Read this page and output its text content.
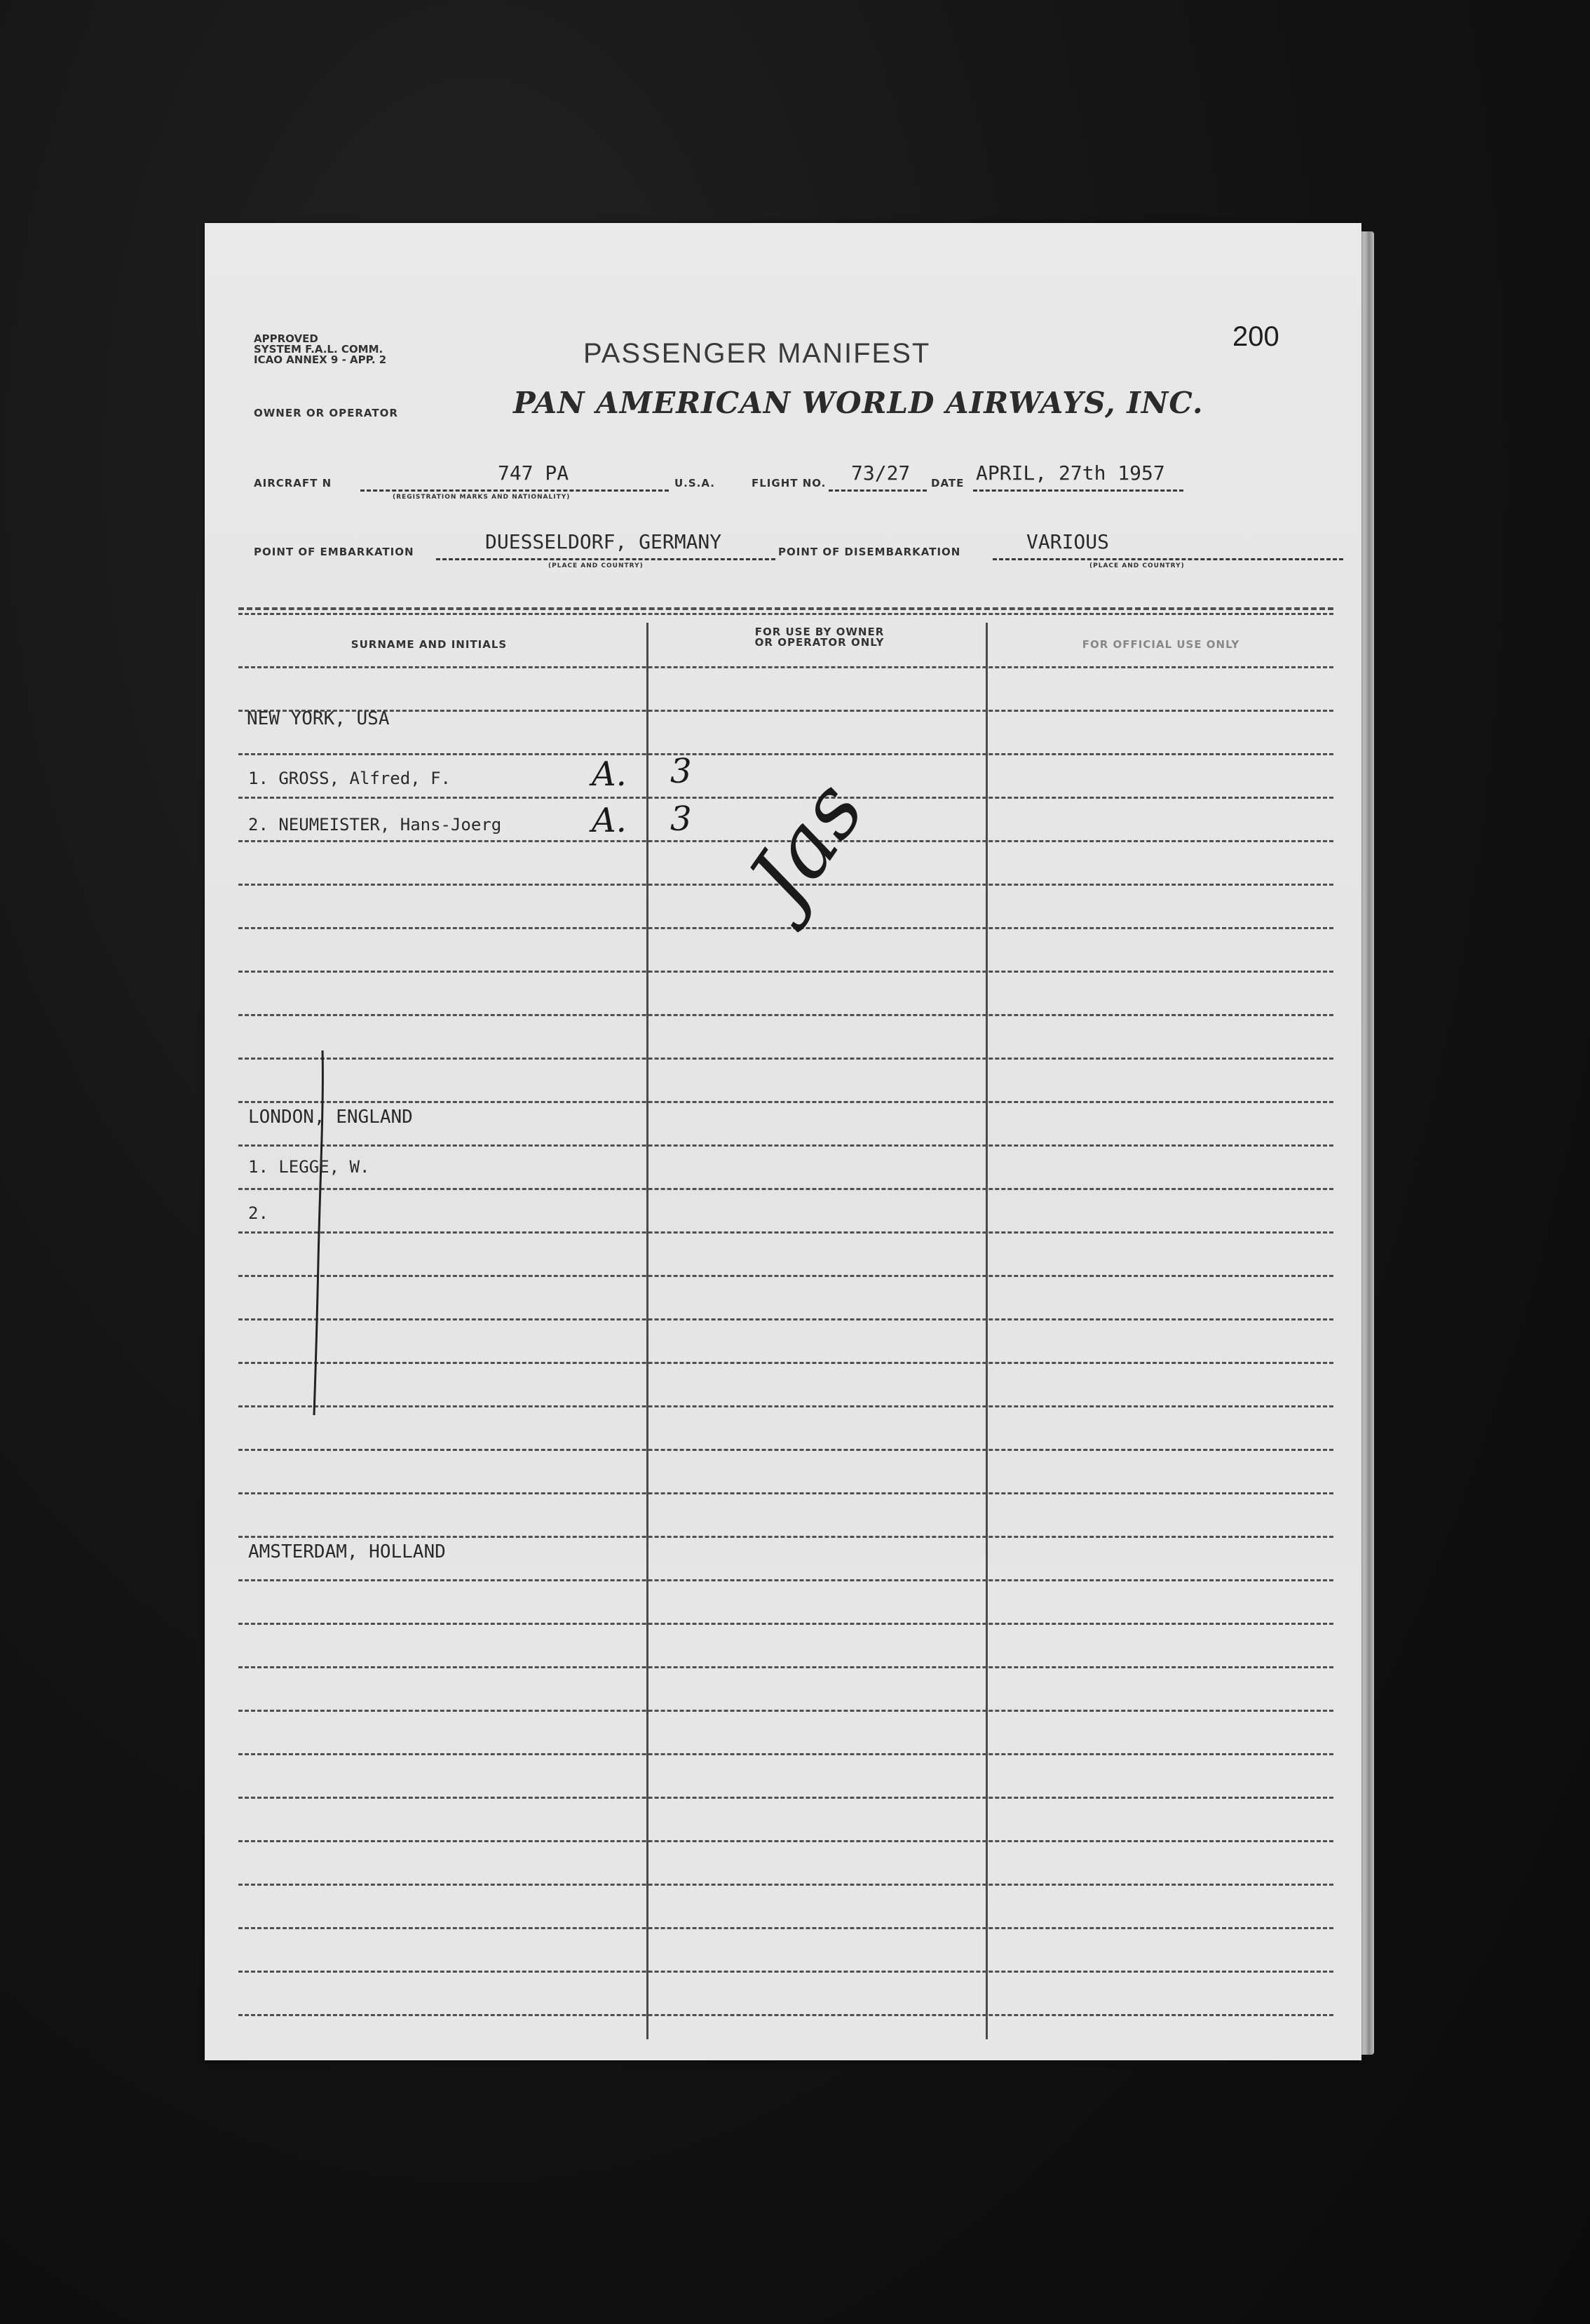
APPROVED
SYSTEM F.A.L. COMM.
ICAO ANNEX 9 - APP. 2
200
PASSENGER MANIFEST
OWNER OR OPERATOR	PAN AMERICAN WORLD AIRWAYS, INC.
AIRCRAFT N	747 PA
(REGISTRATION MARKS AND NATIONALITY)
U.S.A.	FLIGHT NO. 73/27 DATE APRIL, 27th 1957
POINT OF EMBARKATION	DUESSELDORF, GERMANY
(PLACE AND COUNTRY)
POINT OF DISEMBARKATION	VARIOUS
(PLACE AND COUNTRY)
SURNAME AND INITIALS
FOR USE BY OWNER
OR OPERATOR ONLY	FOR OFFICIAL USE ONLY
NEW YORK, USA
1. GROSS, Alfred, F.	A. 3
2. NEUMEISTER, Hans-Joerg	A. 3 Jas
LONDON, ENGLAND
1. LEGGE, W.
2.
AMSTERDAM, HOLLAND
